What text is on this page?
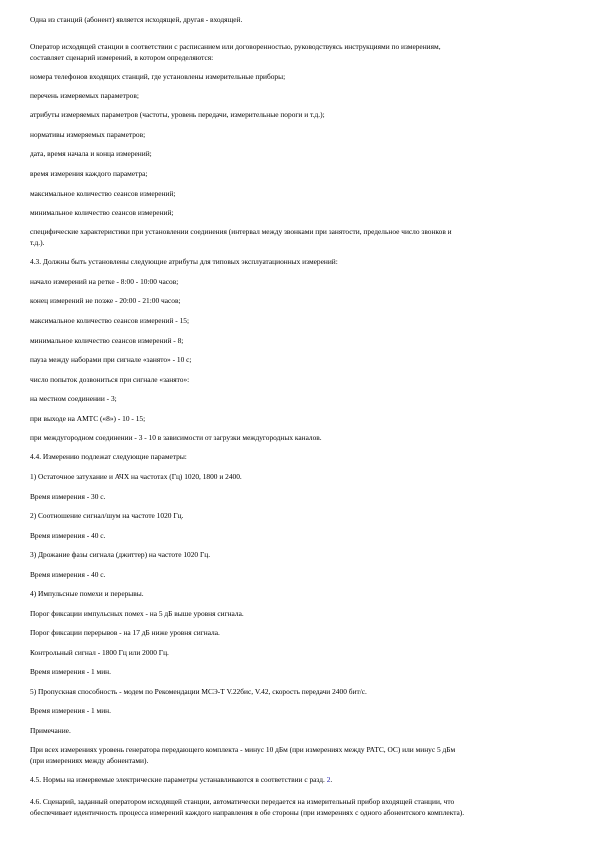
Одна из станций (абонент) является исходящей, другая - входящей.
Оператор исходящей станции в соответствии с расписанием или договоренностью, руководствуясь инструкциями по измерениям,
составляет сценарий измерений, в котором определяются:
номера телефонов входящих станций, где установлены измерительные приборы;
перечень измеряемых параметров;
атрибуты измеряемых параметров (частоты, уровень передачи, измерительные пороги и т.д.);
нормативы измеряемых параметров;
дата, время начала и конца измерений;
время измерения каждого параметра;
максимальное количество сеансов измерений;
минимальное количество сеансов измерений;
специфические характеристики при установлении соединения (интервал между звонками при занятости, предельное число звонков и
т.д.).
4.3. Должны быть установлены следующие атрибуты для типовых эксплуатационных измерений:
начало измерений на ретке - 8:00 - 10:00 часов;
конец измерений не позже - 20:00 - 21:00 часов;
максимальное количество сеансов измерений - 15;
минимальное количество сеансов измерений - 8;
пауза между наборами при сигнале «занято» - 10 с;
число попыток дозвониться при сигнале «занято»:
на местном соединении - 3;
при выходе на АМТС («8») - 10 - 15;
при междугородном соединении - 3 - 10 в зависимости от загрузки междугородных каналов.
4.4. Измерению подлежат следующие параметры:
1) Остаточное затухание и АЧХ на частотах (Гц) 1020, 1800 и 2400.
Время измерения - 30 с.
2) Соотношение сигнал/шум на частоте 1020 Гц.
Время измерения - 40 с.
3) Дрожание фазы сигнала (джиттер) на частоте 1020 Гц.
Время измерения - 40 с.
4) Импульсные помехи и перерывы.
Порог фиксации импульсных помех - на 5 дБ выше уровня сигнала.
Порог фиксации перерывов - на 17 дБ ниже уровня сигнала.
Контрольный сигнал - 1800 Гц или 2000 Гц.
Время измерения - 1 мин.
5) Пропускная способность - модем по Рекомендации МСЭ-Т V.22бис, V.42, скорость передачи 2400 бит/с.
Время измерения - 1 мин.
Примечание.
При всех измерениях уровень генератора передающего комплекта - минус 10 дБм (при измерениях между РАТС, ОС) или минус 5 дБм
(при измерениях между абонентами).
4.5. Нормы на измеряемые электрические параметры устанавливаются в соответствии с разд. 2.
4.6. Сценарий, заданный оператором исходящей станции, автоматически передается на измерительный прибор входящей станции, что
обеспечивает идентичность процесса измерений каждого направления в обе стороны (при измерениях с одного абонентского комплекта).
